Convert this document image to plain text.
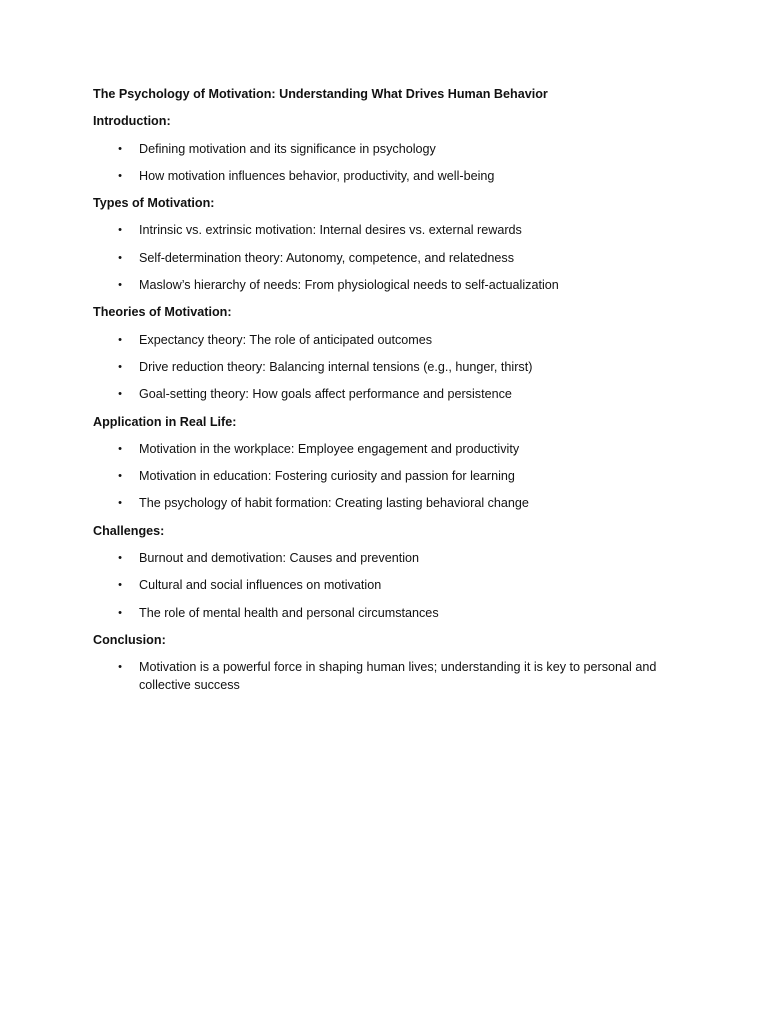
The Psychology of Motivation: Understanding What Drives Human Behavior
Introduction:
• Defining motivation and its significance in psychology
• How motivation influences behavior, productivity, and well-being
Types of Motivation:
• Intrinsic vs. extrinsic motivation: Internal desires vs. external rewards
• Self-determination theory: Autonomy, competence, and relatedness
• Maslow’s hierarchy of needs: From physiological needs to self-actualization
Theories of Motivation:
• Expectancy theory: The role of anticipated outcomes
• Drive reduction theory: Balancing internal tensions (e.g., hunger, thirst)
• Goal-setting theory: How goals affect performance and persistence
Application in Real Life:
• Motivation in the workplace: Employee engagement and productivity
• Motivation in education: Fostering curiosity and passion for learning
• The psychology of habit formation: Creating lasting behavioral change
Challenges:
• Burnout and demotivation: Causes and prevention
• Cultural and social influences on motivation
• The role of mental health and personal circumstances
Conclusion:
• Motivation is a powerful force in shaping human lives; understanding it is key to personal and collective success
